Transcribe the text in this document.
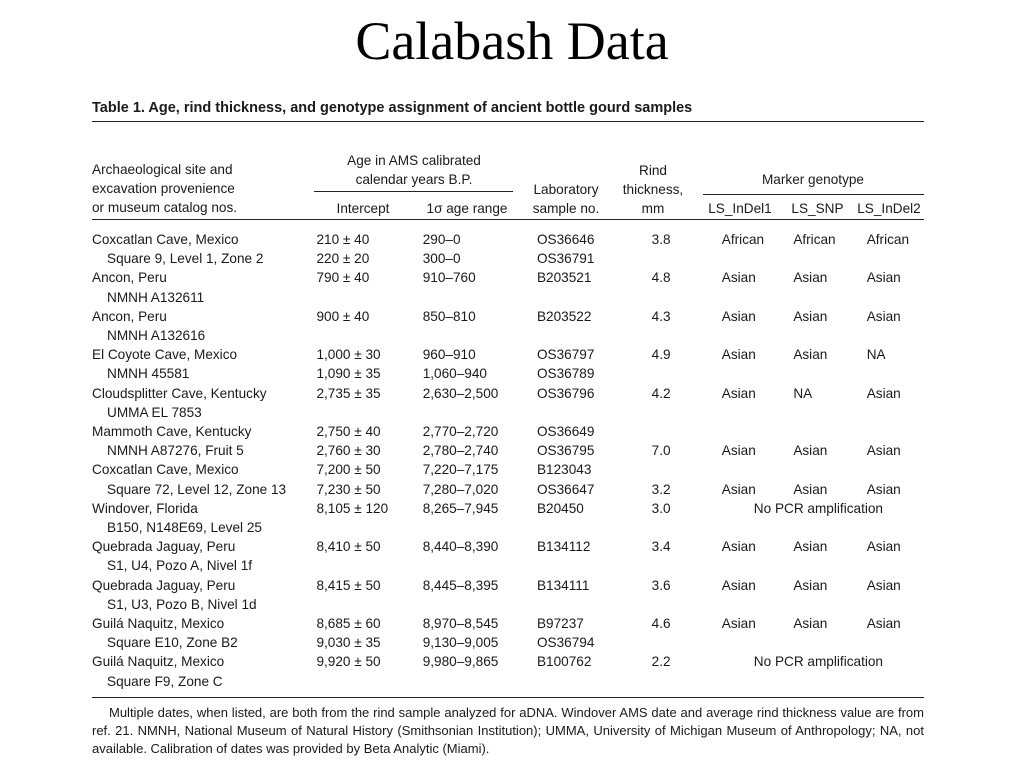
Calabash Data
Table 1. Age, rind thickness, and genotype assignment of ancient bottle gourd samples
Archaeological site and
excavation provenience
or museum catalog nos.
Age in AMS calibrated
calendar years B.P.
Intercept	1σ age range
Laboratory
sample no.
Rind
thickness,
mm
Marker genotype
LS_InDel1	LS_SNP	LS_InDel2
Coxcatlan Cave, Mexico	210 ± 40	290–0	OS36646	3.8	African	African	African
Square 9, Level 1, Zone 2	220 ± 20	300–0	OS36791				
Ancon, Peru	790 ± 40	910–760	B203521	4.8	Asian	Asian	Asian
NMNH A132611							
Ancon, Peru	900 ± 40	850–810	B203522	4.3	Asian	Asian	Asian
NMNH A132616							
El Coyote Cave, Mexico	1,000 ± 30	960–910	OS36797	4.9	Asian	Asian	NA
NMNH 45581	1,090 ± 35	1,060–940	OS36789				
Cloudsplitter Cave, Kentucky	2,735 ± 35	2,630–2,500	OS36796	4.2	Asian	NA	Asian
UMMA EL 7853							
Mammoth Cave, Kentucky	2,750 ± 40	2,770–2,720	OS36649				
NMNH A87276, Fruit 5	2,760 ± 30	2,780–2,740	OS36795	7.0	Asian	Asian	Asian
Coxcatlan Cave, Mexico	7,200 ± 50	7,220–7,175	B123043				
Square 72, Level 12, Zone 13	7,230 ± 50	7,280–7,020	OS36647	3.2	Asian	Asian	Asian
Windover, Florida	8,105 ± 120	8,265–7,945	B20450	3.0	No PCR amplification		
B150, N148E69, Level 25							
Quebrada Jaguay, Peru	8,410 ± 50	8,440–8,390	B134112	3.4	Asian	Asian	Asian
S1, U4, Pozo A, Nivel 1f							
Quebrada Jaguay, Peru	8,415 ± 50	8,445–8,395	B134111	3.6	Asian	Asian	Asian
S1, U3, Pozo B, Nivel 1d							
Guilá Naquitz, Mexico	8,685 ± 60	8,970–8,545	B97237	4.6	Asian	Asian	Asian
Square E10, Zone B2	9,030 ± 35	9,130–9,005	OS36794				
Guilá Naquitz, Mexico	9,920 ± 50	9,980–9,865	B100762	2.2	No PCR amplification		
Square F9, Zone C							
Multiple dates, when listed, are both from the rind sample analyzed for aDNA. Windover AMS date and average rind thickness value are from ref. 21. NMNH, National Museum of Natural History (Smithsonian Institution); UMMA, University of Michigan Museum of Anthropology; NA, not available. Calibration of dates was provided by Beta Analytic (Miami).
